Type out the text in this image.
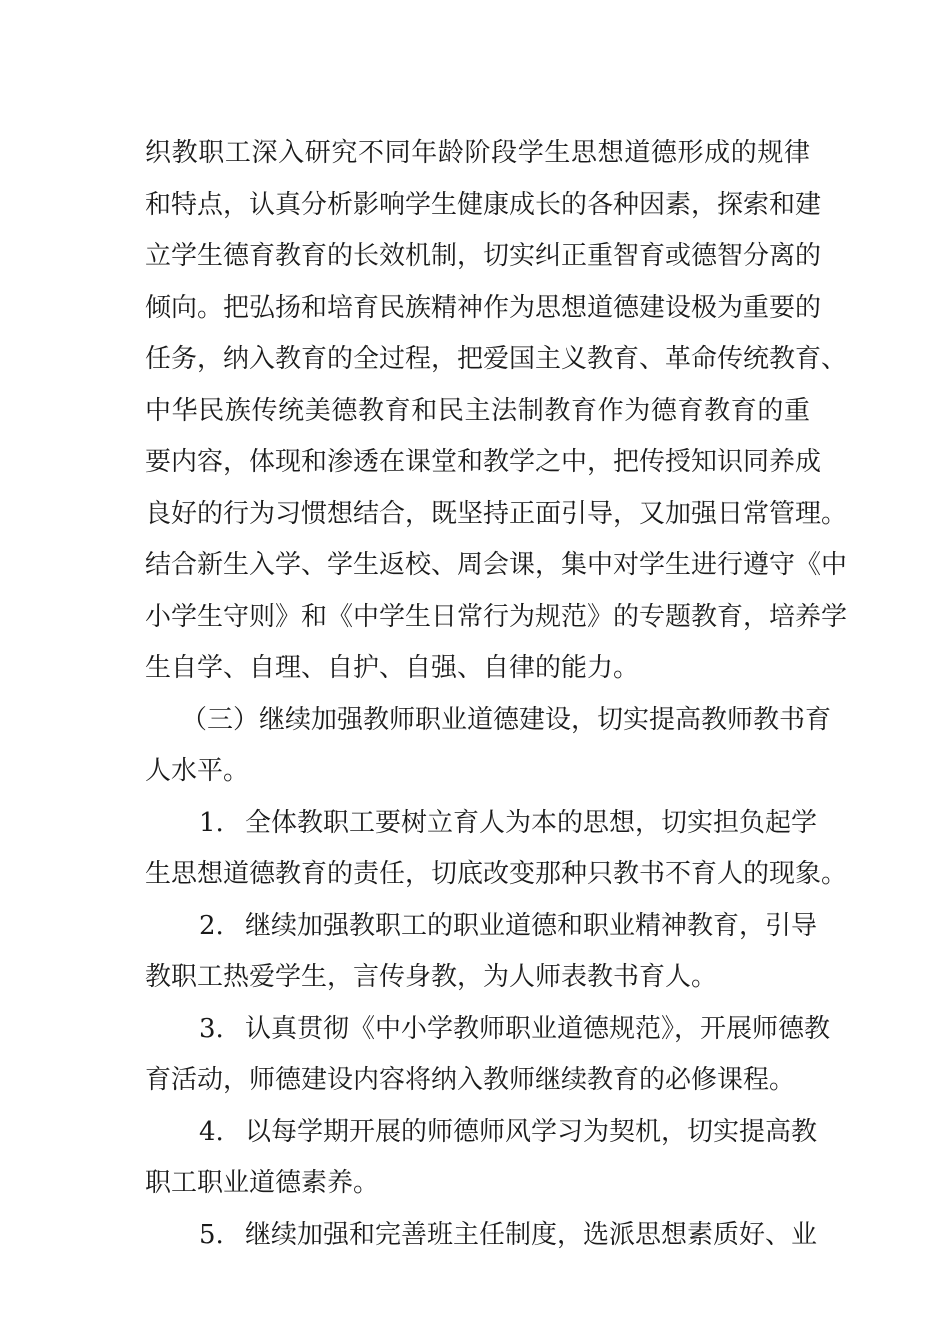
织教职工深入研究不同年龄阶段学生思想道德形成的规律
和特点，认真分析影响学生健康成长的各种因素，探索和建
立学生德育教育的长效机制，切实纠正重智育或德智分离的
倾向。把弘扬和培育民族精神作为思想道德建设极为重要的
任务，纳入教育的全过程，把爱国主义教育、革命传统教育、
中华民族传统美德教育和民主法制教育作为德育教育的重
要内容，体现和渗透在课堂和教学之中，把传授知识同养成
良好的行为习惯想结合，既坚持正面引导，又加强日常管理。
结合新生入学、学生返校、周会课，集中对学生进行遵守《中
小学生守则》和《中学生日常行为规范》的专题教育，培养学
生自学、自理、自护、自强、自律的能力。
（三）继续加强教师职业道德建设，切实提高教师教书育
人水平。
1. 全体教职工要树立育人为本的思想，切实担负起学
生思想道德教育的责任，切底改变那种只教书不育人的现象。
2. 继续加强教职工的职业道德和职业精神教育，引导
教职工热爱学生，言传身教，为人师表教书育人。
3. 认真贯彻《中小学教师职业道德规范》，开展师德教
育活动，师德建设内容将纳入教师继续教育的必修课程。
4. 以每学期开展的师德师风学习为契机，切实提高教
职工职业道德素养。
5. 继续加强和完善班主任制度，选派思想素质好、业
